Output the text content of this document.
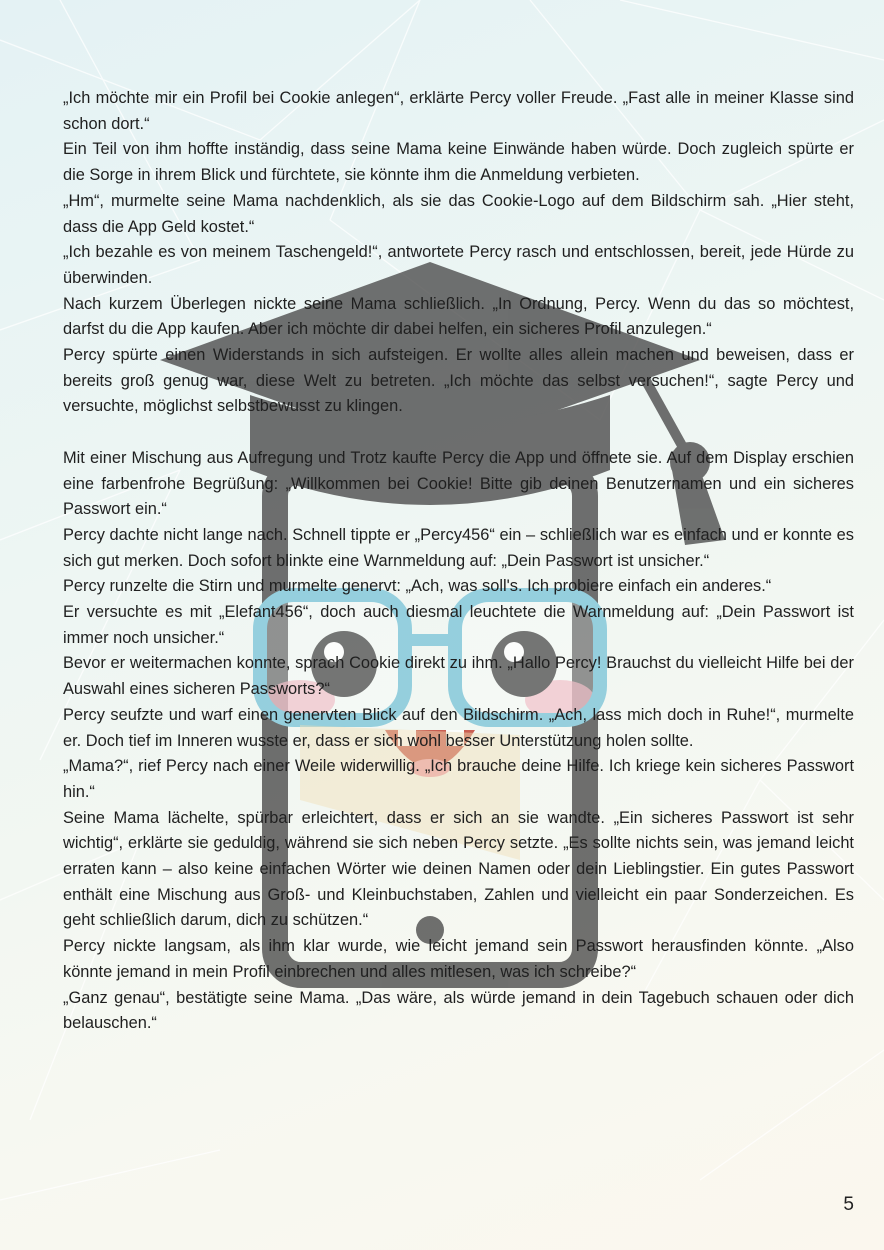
„Ich möchte mir ein Profil bei Cookie anlegen“, erklärte Percy voller Freude. „Fast alle in meiner Klasse sind schon dort.“

Ein Teil von ihm hoffte inständig, dass seine Mama keine Einwände haben würde. Doch zugleich spürte er die Sorge in ihrem Blick und fürchtete, sie könnte ihm die Anmeldung verbieten.

„Hm“, murmelte seine Mama nachdenklich, als sie das Cookie-Logo auf dem Bildschirm sah. „Hier steht, dass die App Geld kostet.“

„Ich bezahle es von meinem Taschengeld!“, antwortete Percy rasch und entschlossen, bereit, jede Hürde zu überwinden.

Nach kurzem Überlegen nickte seine Mama schließlich. „In Ordnung, Percy. Wenn du das so möchtest, darfst du die App kaufen. Aber ich möchte dir dabei helfen, ein sicheres Profil anzulegen.“

Percy spürte einen Widerstands in sich aufsteigen. Er wollte alles allein machen und beweisen, dass er bereits groß genug war, diese Welt zu betreten. „Ich möchte das selbst versuchen!“, sagte Percy und versuchte, möglichst selbstbewusst zu klingen.

Mit einer Mischung aus Aufregung und Trotz kaufte Percy die App und öffnete sie. Auf dem Display erschien eine farbenfrohe Begrüßung: „Willkommen bei Cookie! Bitte gib deinen Benutzernamen und ein sicheres Passwort ein.“

Percy dachte nicht lange nach. Schnell tippte er „Percy456“ ein – schließlich war es einfach und er konnte es sich gut merken. Doch sofort blinkte eine Warnmeldung auf: „Dein Passwort ist unsicher.“

Percy runzelte die Stirn und murmelte genervt: „Ach, was soll's. Ich probiere einfach ein anderes.“

Er versuchte es mit „Elefant456“, doch auch diesmal leuchtete die Warnmeldung auf: „Dein Passwort ist immer noch unsicher.“

Bevor er weitermachen konnte, sprach Cookie direkt zu ihm. „Hallo Percy! Brauchst du vielleicht Hilfe bei der Auswahl eines sicheren Passworts?“

Percy seufzte und warf einen genervten Blick auf den Bildschirm. „Ach, lass mich doch in Ruhe!“, murmelte er. Doch tief im Inneren wusste er, dass er sich wohl besser Unterstützung holen sollte.

„Mama?“, rief Percy nach einer Weile widerwillig. „Ich brauche deine Hilfe. Ich kriege kein sicheres Passwort hin.“

Seine Mama lächelte, spürbar erleichtert, dass er sich an sie wandte. „Ein sicheres Passwort ist sehr wichtig“, erklärte sie geduldig, während sie sich neben Percy setzte. „Es sollte nichts sein, was jemand leicht erraten kann – also keine einfachen Wörter wie deinen Namen oder dein Lieblingstier. Ein gutes Passwort enthält eine Mischung aus Groß- und Kleinbuchstaben, Zahlen und vielleicht ein paar Sonderzeichen. Es geht schließlich darum, dich zu schützen.“

Percy nickte langsam, als ihm klar wurde, wie leicht jemand sein Passwort herausfinden könnte. „Also könnte jemand in mein Profil einbrechen und alles mitlesen, was ich schreibe?“

„Ganz genau“, bestätigte seine Mama. „Das wäre, als würde jemand in dein Tagebuch schauen oder dich belauschen.“

5
